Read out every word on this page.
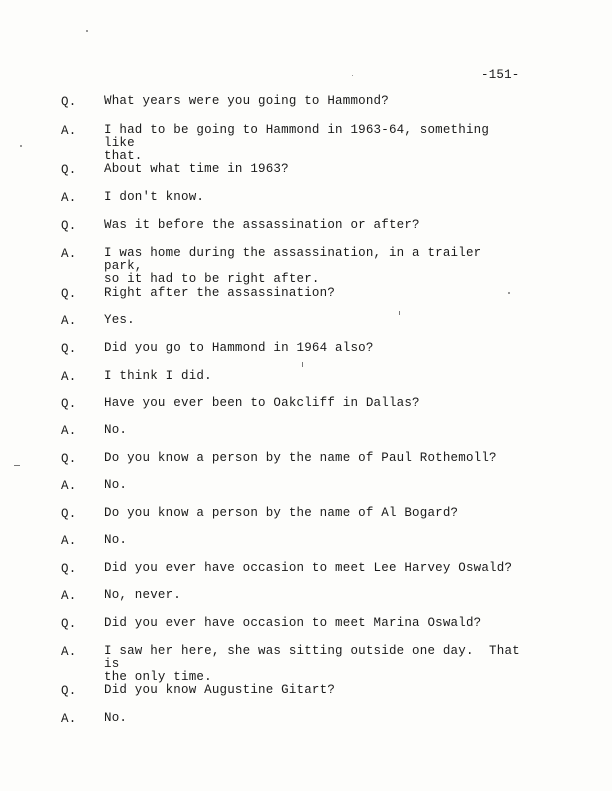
-151-
Q. What years were you going to Hammond?
A. I had to be going to Hammond in 1963-64, something like
that.
Q. About what time in 1963?
A. I don't know.
Q. Was it before the assassination or after?
A. I was home during the assassination, in a trailer park,
so it had to be right after.
Q. Right after the assassination?
A. Yes.
Q. Did you go to Hammond in 1964 also?
A. I think I did.
Q. Have you ever been to Oakcliff in Dallas?
A. No.
Q. Do you know a person by the name of Paul Rothemoll?
A. No.
Q. Do you know a person by the name of Al Bogard?
A. No.
Q. Did you ever have occasion to meet Lee Harvey Oswald?
A. No, never.
Q. Did you ever have occasion to meet Marina Oswald?
A. I saw her here, she was sitting outside one day.  That is
the only time.
Q. Did you know Augustine Gitart?
A. No.
